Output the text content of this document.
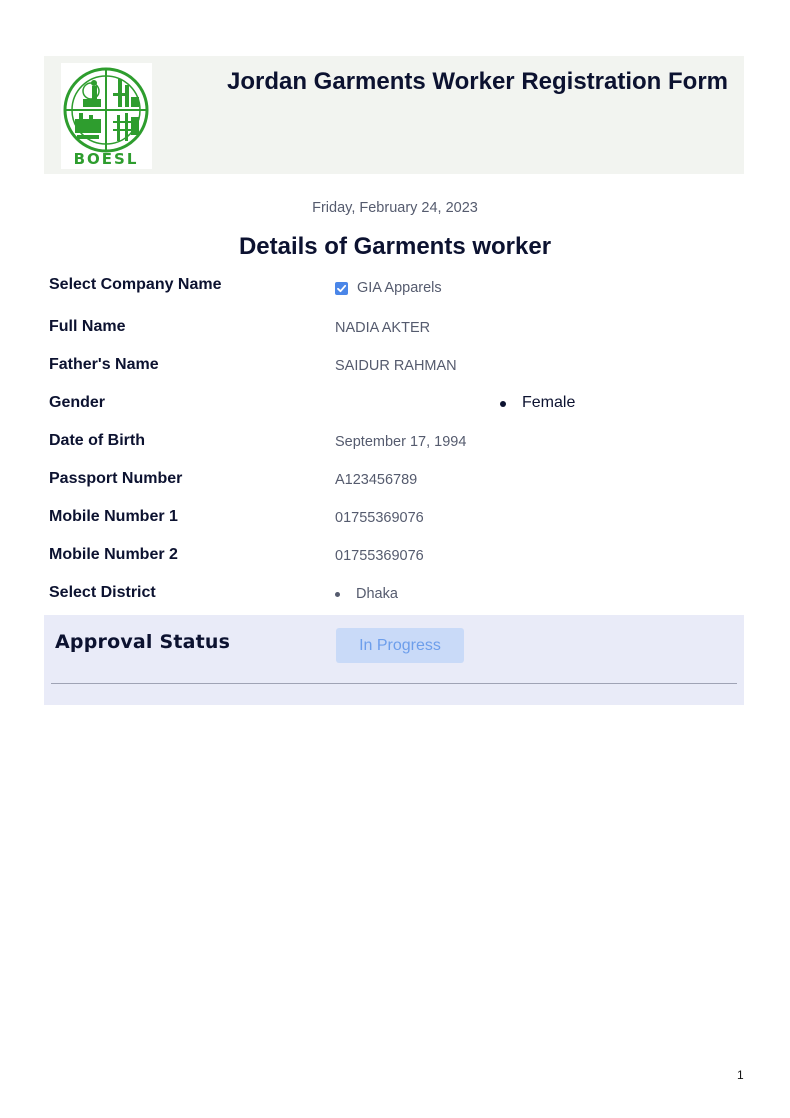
BOESL
Jordan Garments Worker Registration Form
Friday, February 24, 2023
Details of Garments worker
Select Company Name	GIA Apparels
Full Name	NADIA AKTER
Father's Name	SAIDUR RAHMAN
Gender	Female
Date of Birth	September 17, 1994
Passport Number	A123456789
Mobile Number 1	01755369076
Mobile Number 2	01755369076
Select District	Dhaka
Approval Status	In Progress
1
